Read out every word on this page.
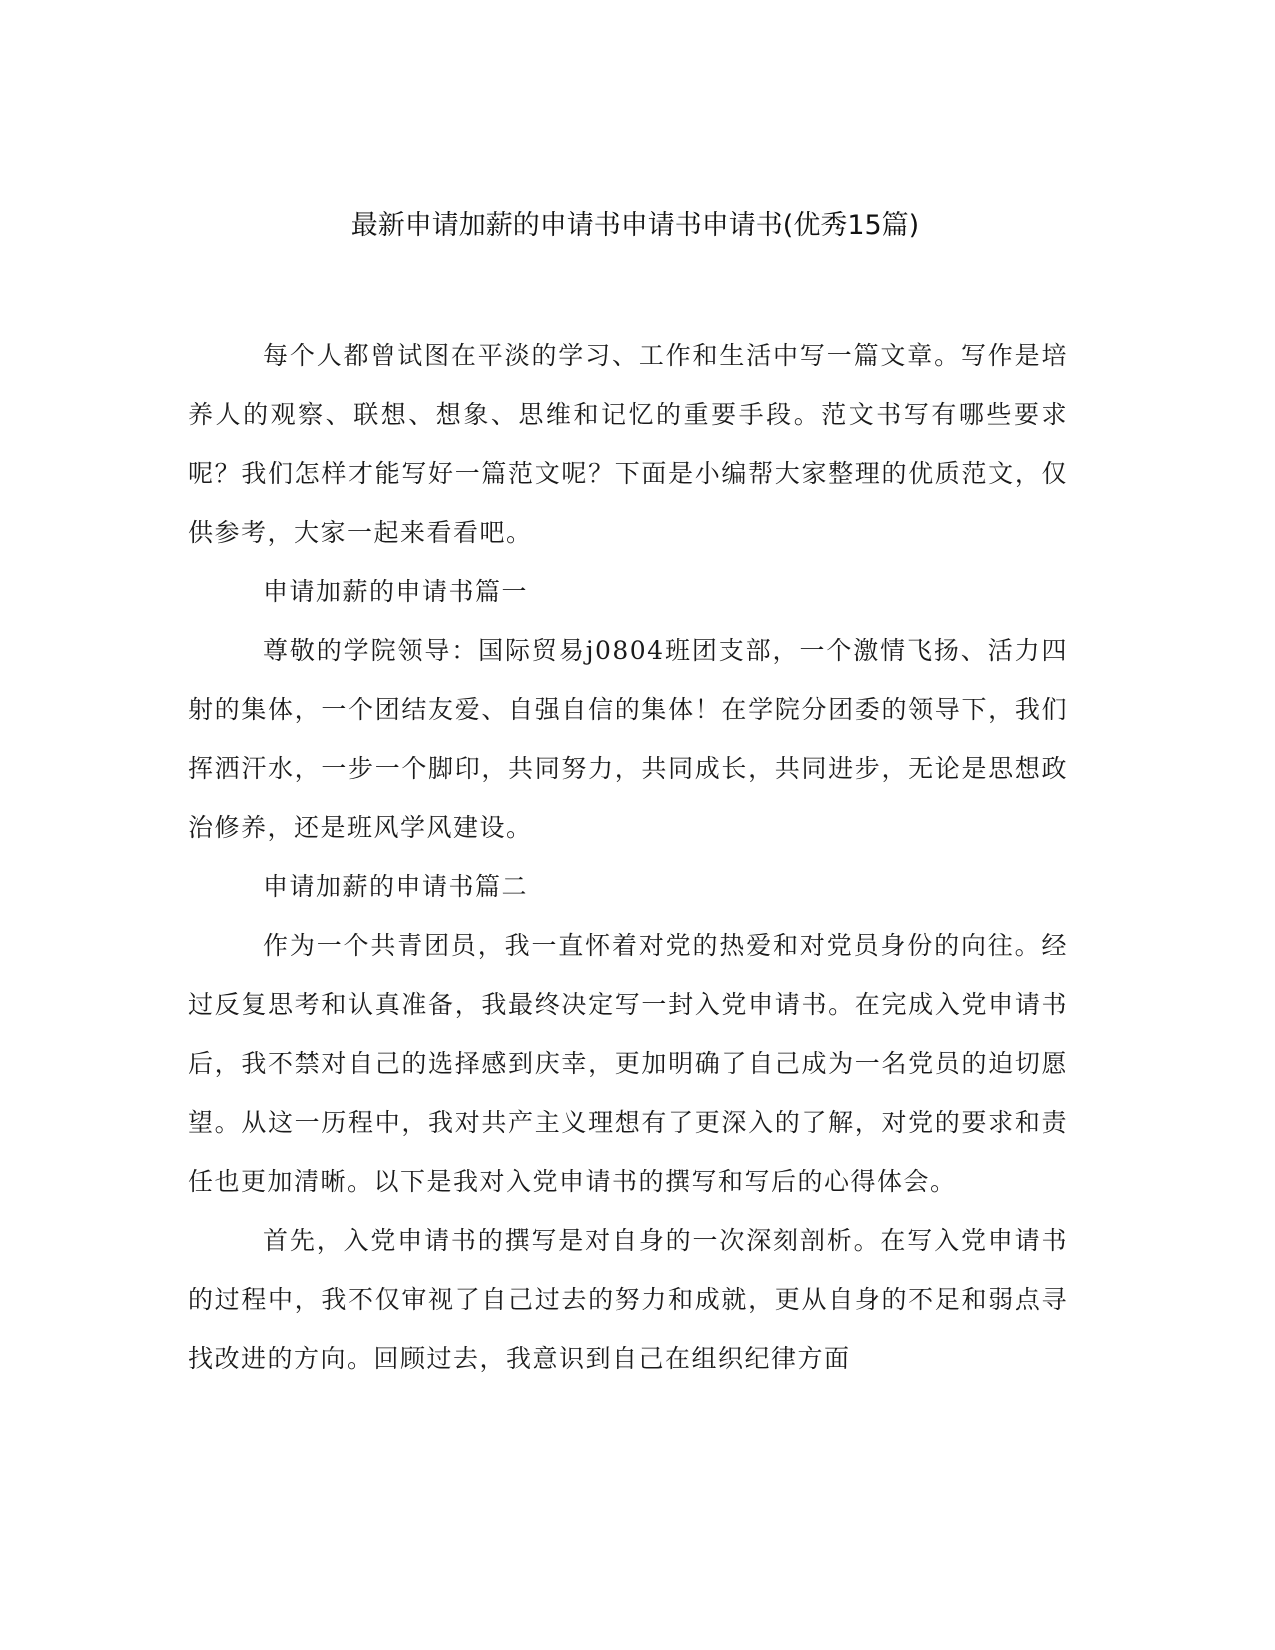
最新申请加薪的申请书申请书申请书(优秀15篇)

每个人都曾试图在平淡的学习、工作和生活中写一篇文章。写作是培养人的观察、联想、想象、思维和记忆的重要手段。范文书写有哪些要求呢？我们怎样才能写好一篇范文呢？下面是小编帮大家整理的优质范文，仅供参考，大家一起来看看吧。

申请加薪的申请书篇一

尊敬的学院领导：国际贸易j0804班团支部，一个激情飞扬、活力四射的集体，一个团结友爱、自强自信的集体！在学院分团委的领导下，我们挥洒汗水，一步一个脚印，共同努力，共同成长，共同进步，无论是思想政治修养，还是班风学风建设。

申请加薪的申请书篇二

作为一个共青团员，我一直怀着对党的热爱和对党员身份的向往。经过反复思考和认真准备，我最终决定写一封入党申请书。在完成入党申请书后，我不禁对自己的选择感到庆幸，更加明确了自己成为一名党员的迫切愿望。从这一历程中，我对共产主义理想有了更深入的了解，对党的要求和责任也更加清晰。以下是我对入党申请书的撰写和写后的心得体会。

首先，入党申请书的撰写是对自身的一次深刻剖析。在写入党申请书的过程中，我不仅审视了自己过去的努力和成就，更从自身的不足和弱点寻找改进的方向。回顾过去，我意识到自己在组织纪律方面
